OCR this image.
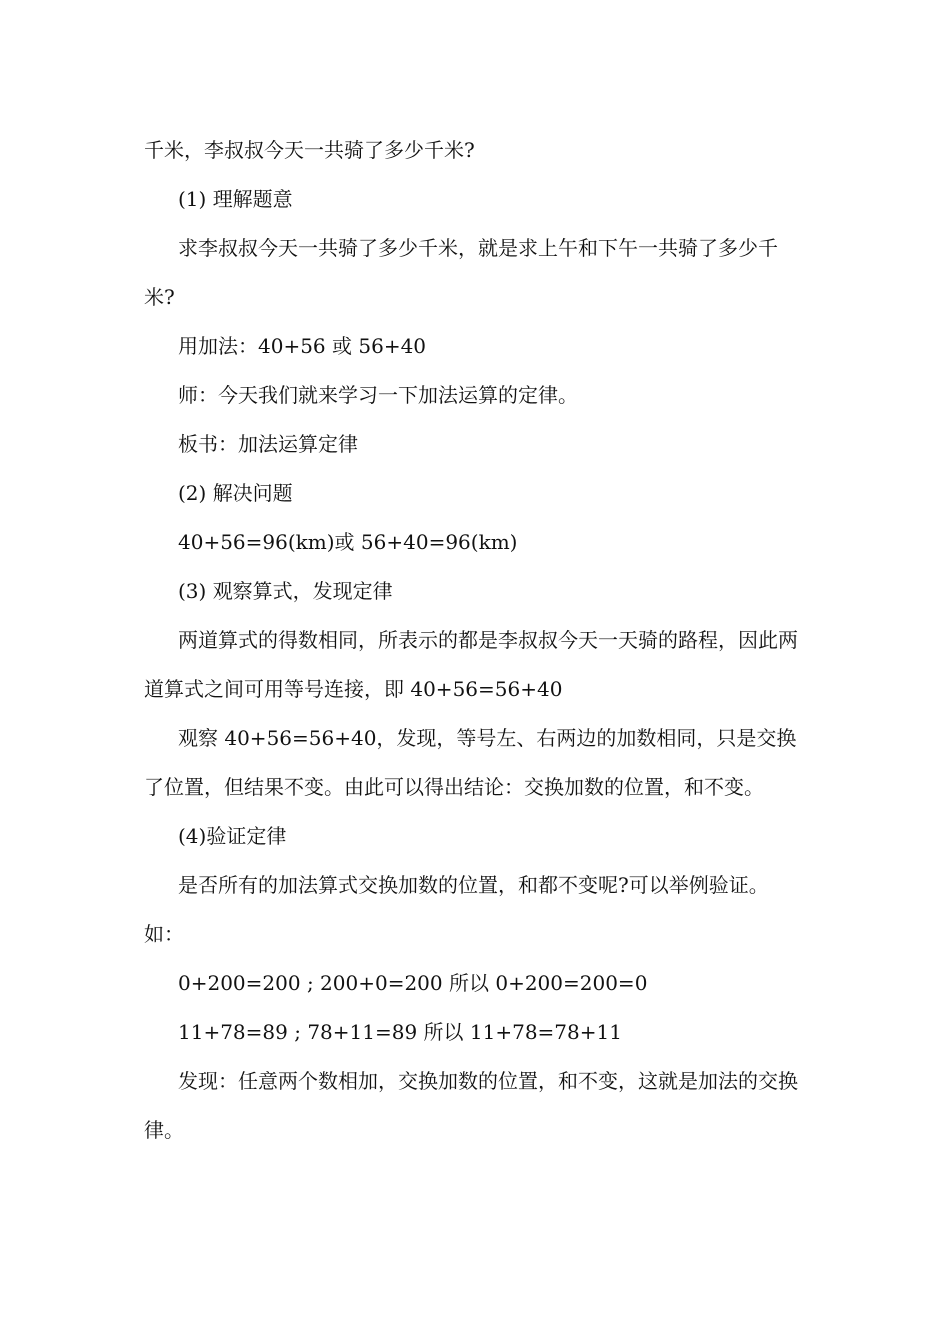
千米，李叔叔今天一共骑了多少千米?

(1) 理解题意

求李叔叔今天一共骑了多少千米，就是求上午和下午一共骑了多少千米?

用加法：40+56 或 56+40

师：今天我们就来学习一下加法运算的定律。

板书：加法运算定律

(2) 解决问题

40+56=96(km)或 56+40=96(km)

(3) 观察算式，发现定律

两道算式的得数相同，所表示的都是李叔叔今天一天骑的路程，因此两道算式之间可用等号连接，即 40+56=56+40

观察 40+56=56+40，发现，等号左、右两边的加数相同，只是交换了位置，但结果不变。由此可以得出结论：交换加数的位置，和不变。

(4)验证定律

是否所有的加法算式交换加数的位置，和都不变呢?可以举例验证。如：

0+200=200 ; 200+0=200 所以 0+200=200=0

11+78=89 ; 78+11=89 所以 11+78=78+11

发现：任意两个数相加，交换加数的位置，和不变，这就是加法的交换律。
